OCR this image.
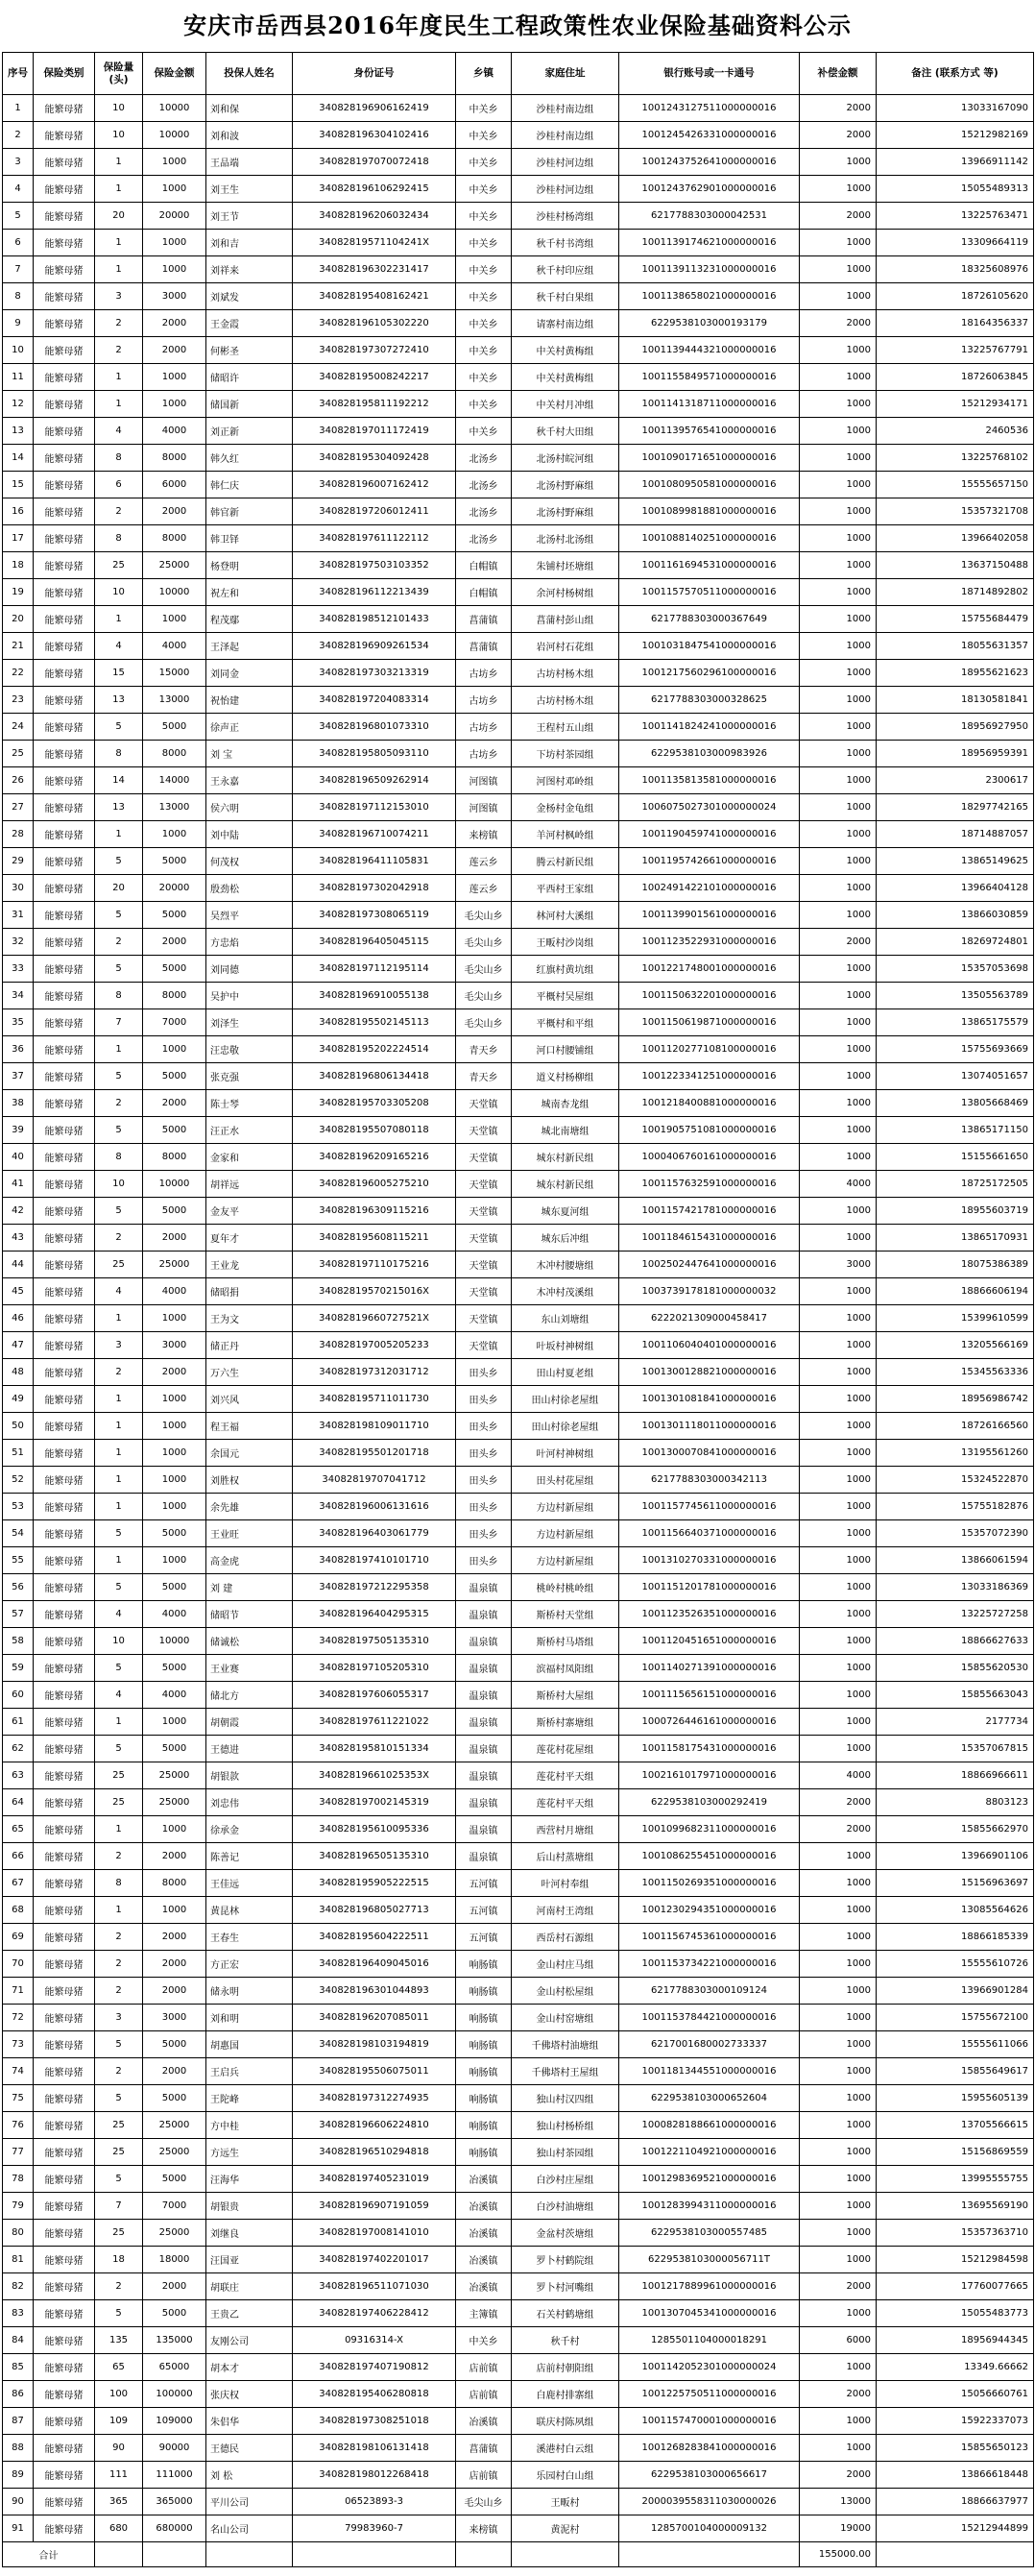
安庆市岳西县2016年度民生工程政策性农业保险基础资料公示
序号	保险类别	保险量(头)	保险金额	投保人姓名	身份证号	乡镇	家庭住址	银行账号或一卡通号	补偿金额	备注 (联系方式 等)
1	能繁母猪	10	10000	刘和保	340828196906162419	中关乡	沙桂村南边组	1001243127511000000016	2000	13033167090
2	能繁母猪	10	10000	刘和波	340828196304102416	中关乡	沙桂村南边组	1001245426331000000016	2000	15212982169
3	能繁母猪	1	1000	王品端	340828197070072418	中关乡	沙桂村河边组	1001243752641000000016	1000	13966911142
4	能繁母猪	1	1000	刘王生	340828196106292415	中关乡	沙桂村河边组	1001243762901000000016	1000	15055489313
5	能繁母猪	20	20000	刘王节	340828196206032434	中关乡	沙桂村杨湾组	6217788303000042531	2000	13225763471
6	能繁母猪	1	1000	刘和吉	34082819571104241X	中关乡	秋千村书湾组	1001139174621000000016	1000	13309664119
7	能繁母猪	1	1000	刘祥来	340828196302231417	中关乡	秋千村印应组	1001139113231000000016	1000	18325608976
8	能繁母猪	3	3000	刘斌发	340828195408162421	中关乡	秋千村白果组	1001138658021000000016	1000	18726105620
9	能繁母猪	2	2000	王金霞	340828196105302220	中关乡	请寨村南边组	6229538103000193179	2000	18164356337
10	能繁母猪	2	2000	何彬圣	340828197307272410	中关乡	中关村黄梅组	1001139444321000000016	1000	13225767791
11	能繁母猪	1	1000	储昭许	340828195008242217	中关乡	中关村黄梅组	1001155849571000000016	1000	18726063845
12	能繁母猪	1	1000	储国新	340828195811192212	中关乡	中关村月冲组	1001141318711000000016	1000	15212934171
13	能繁母猪	4	4000	刘正新	340828197011172419	中关乡	秋千村大田组	1001139576541000000016	1000	2460536
14	能繁母猪	8	8000	韩久红	340828195304092428	北汤乡	北汤村皖河组	1001090171651000000016	1000	13225768102
15	能繁母猪	6	6000	韩仁庆	340828196007162412	北汤乡	北汤村野麻组	1001080950581000000016	1000	15555657150
16	能繁母猪	2	2000	韩官新	340828197206012411	北汤乡	北汤村野麻组	1001089981881000000016	1000	15357321708
17	能繁母猪	8	8000	韩卫铎	340828197611122112	北汤乡	北汤村北汤组	1001088140251000000016	1000	13966402058
18	能繁母猪	25	25000	杨登明	340828197503103352	白帽镇	朱铺村坯塘组	1001161694531000000016	1000	13637150488
19	能繁母猪	10	10000	祝左和	340828196112213439	白帽镇	余河村杨树组	1001157570511000000016	1000	18714892802
20	能繁母猪	1	1000	程茂鄢	340828198512101433	菖蒲镇	菖蒲村彭山组	6217788303000367649	1000	15755684479
21	能繁母猪	4	4000	王泽起	340828196909261534	菖蒲镇	岩河村石花组	1001031847541000000016	1000	18055631357
22	能繁母猪	15	15000	刘同金	340828197303213319	古坊乡	古坊村杨木组	1001217560296100000016	1000	18955621623
23	能繁母猪	13	13000	祝怡建	340828197204083314	古坊乡	古坊村杨木组	6217788303000328625	1000	18130581841
24	能繁母猪	5	5000	徐声正	340828196801073310	古坊乡	王程村五山组	1001141824241000000016	1000	18956927950
25	能繁母猪	8	8000	刘 宝	340828195805093110	古坊乡	下坊村茶园组	6229538103000983926	1000	18956959391
26	能繁母猪	14	14000	王永嘉	340828196509262914	河图镇	河图村邓岭组	1001135813581000000016	1000	2300617
27	能繁母猪	13	13000	侯六明	340828197112153010	河图镇	金杨村金龟组	1006075027301000000024	1000	18297742165
28	能繁母猪	1	1000	刘中陆	340828196710074211	来榜镇	羊河村枫岭组	1001190459741000000016	1000	18714887057
29	能繁母猪	5	5000	何茂权	340828196411105831	莲云乡	腾云村新民组	1001195742661000000016	1000	13865149625
30	能繁母猪	20	20000	殷劲松	340828197302042918	莲云乡	平西村王家组	1002491422101000000016	1000	13966404128
31	能繁母猪	5	5000	吴烈平	340828197308065119	毛尖山乡	林河村大溪组	1001139901561000000016	1000	13866030859
32	能繁母猪	2	2000	方忠焰	340828196405045115	毛尖山乡	王畈村沙岗组	1001123522931000000016	2000	18269724801
33	能繁母猪	5	5000	刘同德	340828197112195114	毛尖山乡	红旗村黄坑组	1001221748001000000016	1000	15357053698
34	能繁母猪	8	8000	吴护中	340828196910055138	毛尖山乡	平概村吴屋组	1001150632201000000016	1000	13505563789
35	能繁母猪	7	7000	刘泽生	340828195502145113	毛尖山乡	平概村和平组	1001150619871000000016	1000	13865175579
36	能繁母猪	1	1000	汪忠敬	340828195202224514	青天乡	河口村腰铺组	1001120277108100000016	1000	15755693669
37	能繁母猪	5	5000	张克强	340828196806134418	青天乡	道义村杨柳组	1001223341251000000016	1000	13074051657
38	能繁母猪	2	2000	陈士琴	340828195703305208	天堂镇	城南杏龙组	1001218400881000000016	1000	13805668469
39	能繁母猪	5	5000	汪正水	340828195507080118	天堂镇	城北南塘组	1001905751081000000016	1000	13865171150
40	能繁母猪	8	8000	金家和	340828196209165216	天堂镇	城东村新民组	1000406760161000000016	1000	15155661650
41	能繁母猪	10	10000	胡祥远	340828196005275210	天堂镇	城东村新民组	1001157632591000000016	4000	18725172505
42	能繁母猪	5	5000	金友平	340828196309115216	天堂镇	城东夏河组	1001157421781000000016	1000	18955603719
43	能繁母猪	2	2000	夏年才	340828195608115211	天堂镇	城东后冲组	1001184615431000000016	1000	13865170931
44	能繁母猪	25	25000	王业龙	340828197110175216	天堂镇	木冲村腰塘组	1002502447641000000016	3000	18075386389
45	能繁母猪	4	4000	储昭捐	34082819570215016X	天堂镇	木冲村茂溪组	1003739178181000000032	1000	18866606194
46	能繁母猪	1	1000	王为文	34082819660727521X	天堂镇	东山刘塘组	6222021309000458417	1000	15399610599
47	能繁母猪	3	3000	储正丹	340828197005205233	天堂镇	叶坂村神树组	1001106040401000000016	1000	13205566169
48	能繁母猪	2	2000	万六生	340828197312031712	田头乡	田山村夏老组	1001300128821000000016	1000	15345563336
49	能繁母猪	1	1000	刘兴风	340828195711011730	田头乡	田山村徐老屋组	1001301081841000000016	1000	18956986742
50	能繁母猪	1	1000	程王福	340828198109011710	田头乡	田山村徐老屋组	1001301118011000000016	1000	18726166560
51	能繁母猪	1	1000	余国元	340828195501201718	田头乡	叶河村神树组	1001300070841000000016	1000	13195561260
52	能繁母猪	1	1000	刘胜权	34082819707041712	田头乡	田头村花屋组	6217788303000342113	1000	15324522870
53	能繁母猪	1	1000	余先雄	340828196006131616	田头乡	方边村新屋组	1001157745611000000016	1000	15755182876
54	能繁母猪	5	5000	王业旺	340828196403061779	田头乡	方边村新屋组	1001156640371000000016	1000	15357072390
55	能繁母猪	1	1000	高金虎	340828197410101710	田头乡	方边村新屋组	1001310270331000000016	1000	13866061594
56	能繁母猪	5	5000	刘 建	340828197212295358	温泉镇	桃岭村桃岭组	1001151201781000000016	1000	13033186369
57	能繁母猪	4	4000	储昭节	340828196404295315	温泉镇	斯桥村天堂组	1001123526351000000016	1000	13225727258
58	能繁母猪	10	10000	储诚松	340828197505135310	温泉镇	斯桥村马塔组	1001120451651000000016	1000	18866627633
59	能繁母猪	5	5000	王业赛	340828197105205310	温泉镇	滨福村凤阳组	1001140271391000000016	1000	15855620530
60	能繁母猪	4	4000	储北方	340828197606055317	温泉镇	斯桥村大屋组	1001115656151000000016	1000	15855663043
61	能繁母猪	1	1000	胡朝霞	340828197611221022	温泉镇	斯桥村寨塘组	1000726446161000000016	1000	2177734
62	能繁母猪	5	5000	王德进	340828195810151334	温泉镇	莲花村花屋组	1001158175431000000016	1000	15357067815
63	能繁母猪	25	25000	胡银款	34082819661025353X	温泉镇	莲花村平天组	1002161017971000000016	4000	18866966611
64	能繁母猪	25	25000	刘忠伟	340828197002145319	温泉镇	莲花村平天组	6229538103000292419	2000	8803123
65	能繁母猪	1	1000	徐承金	340828195610095336	温泉镇	西营村月塘组	1001099682311000000016	2000	15855662970
66	能繁母猪	2	2000	陈善记	340828196505135310	温泉镇	后山村蒸塘组	1001086255451000000016	1000	13966901106
67	能繁母猪	8	8000	王佳远	340828195905222515	五河镇	叶河村奉组	1001150269351000000016	1000	15156963697
68	能繁母猪	1	1000	黄昆林	340828196805027713	五河镇	河南村王湾组	1001230294351000000016	1000	13085564626
69	能繁母猪	2	2000	王春生	340828195604222511	五河镇	西岳村石源组	1001156745361000000016	1000	18866185339
70	能繁母猪	2	2000	方正宏	340828196409045016	响肠镇	金山村庄马组	1001153734221000000016	1000	15555610726
71	能繁母猪	2	2000	储永明	340828196301044893	响肠镇	金山村松屋组	6217788303000109124	1000	13966901284
72	能繁母猪	3	3000	刘和明	340828196207085011	响肠镇	金山村窑塘组	1001153784421000000016	1000	15755672100
73	能繁母猪	5	5000	胡惠国	340828198103194819	响肠镇	千佛塔村油塘组	6217001680002733337	1000	15555611066
74	能繁母猪	2	2000	王启兵	340828195506075011	响肠镇	千佛塔村王屋组	1001181344551000000016	1000	15855649617
75	能繁母猪	5	5000	王陀峰	340828197312274935	响肠镇	独山村汉四组	6229538103000652604	1000	15955605139
76	能繁母猪	25	25000	方中桂	340828196606224810	响肠镇	独山村杨桥组	1000828188661000000016	1000	13705566615
77	能繁母猪	25	25000	方远生	340828196510294818	响肠镇	独山村茶园组	1001221104921000000016	1000	15156869559
78	能繁母猪	5	5000	汪海华	340828197405231019	冶溪镇	白沙村庄屋组	1001298369521000000016	1000	13995555755
79	能繁母猪	7	7000	胡银贵	340828196907191059	冶溪镇	白沙村油塘组	1001283994311000000016	1000	13695569190
80	能繁母猪	25	25000	刘继良	340828197008141010	冶溪镇	金盆村茨塘组	6229538103000557485	1000	15357363710
81	能繁母猪	18	18000	汪国亚	340828197402201017	冶溪镇	罗卜村鹤院组	6229538103000056711T	1000	15212984598
82	能繁母猪	2	2000	胡联庄	340828196511071030	冶溪镇	罗卜村河嘴组	1001217889961000000016	2000	17760077665
83	能繁母猪	5	5000	王贵乙	340828197406228412	主簿镇	石关村鹤塘组	1001307045341000000016	1000	15055483773
84	能繁母猪	135	135000	友刚公司	09316314-X	中关乡	秋千村	1285501104000018291	6000	18956944345
85	能繁母猪	65	65000	胡本才	340828197407190812	店前镇	店前村朝阳组	1001142052301000000024	1000	13349.66662
86	能繁母猪	100	100000	张庆权	340828195406280818	店前镇	白鹿村排寨组	1001225750511000000016	2000	15056660761
87	能繁母猪	109	109000	朱侣华	340828197308251018	冶溪镇	联庆村陈夙组	1001157470001000000016	1000	15922337073
88	能繁母猪	90	90000	王德民	340828198106131418	菖蒲镇	溪港村白云组	1001268283841000000016	1000	15855650123
89	能繁母猪	111	111000	刘 松	340828198012268418	店前镇	乐园村白山组	6229538103000656617	2000	13866618448
90	能繁母猪	365	365000	平川公司	06523893-3	毛尖山乡	王畈村	2000039558311030000026	13000	18866637977
91	能繁母猪	680	680000	名山公司	79983960-7	来榜镇	黄泥村	1285700104000009132	19000	15212944899
合计									155000.00	
